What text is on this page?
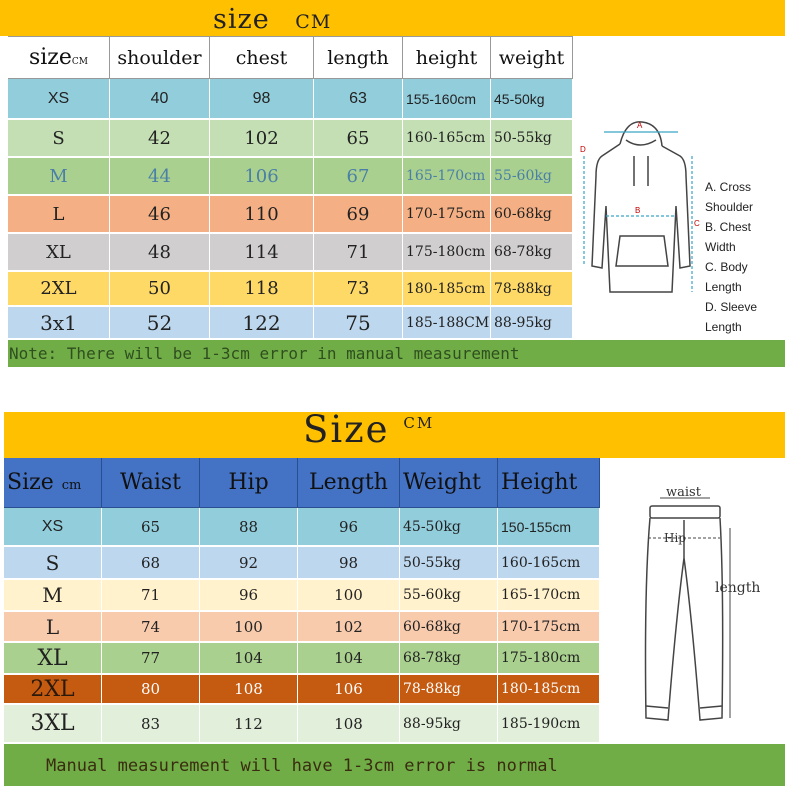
size CM
size CM shoulder chest length height weight
XS	40	98	63	155-160cm	45-50kg
S	42	102	65	160-165cm 50-55kg
M	44	106	67	165-170cm 55-60kg
L	46	110	69	170-175cm 60-68kg
XL	48	114	71	175-180cm 68-78kg
2XL	50	118	73	180-185cm 78-88kg
3x1	52	122	75	185-188CM 88-95kg
A
B
C
D
A. Cross Shoulder
B. Chest Width
C. Body Length
D. Sleeve Length
Note: There will be 1-3cm error in manual measurement
Size $^{CM}$
Size cm Waist Hip Length Weight Height
XS	65	88	96	45-50kg	150-155cm
S	68	92	98	50-55kg	160-165cm
M	71	96	100	55-60kg	165-170cm
L	74	100	102	60-68kg	170-175cm
XL	77	104	104	68-78kg	175-180cm
2XL	80	108	106	78-88kg	180-185cm
3XL	83	112	108	88-95kg	185-190cm
waist
Hip
length
Manual measurement will have 1-3cm error is normal
